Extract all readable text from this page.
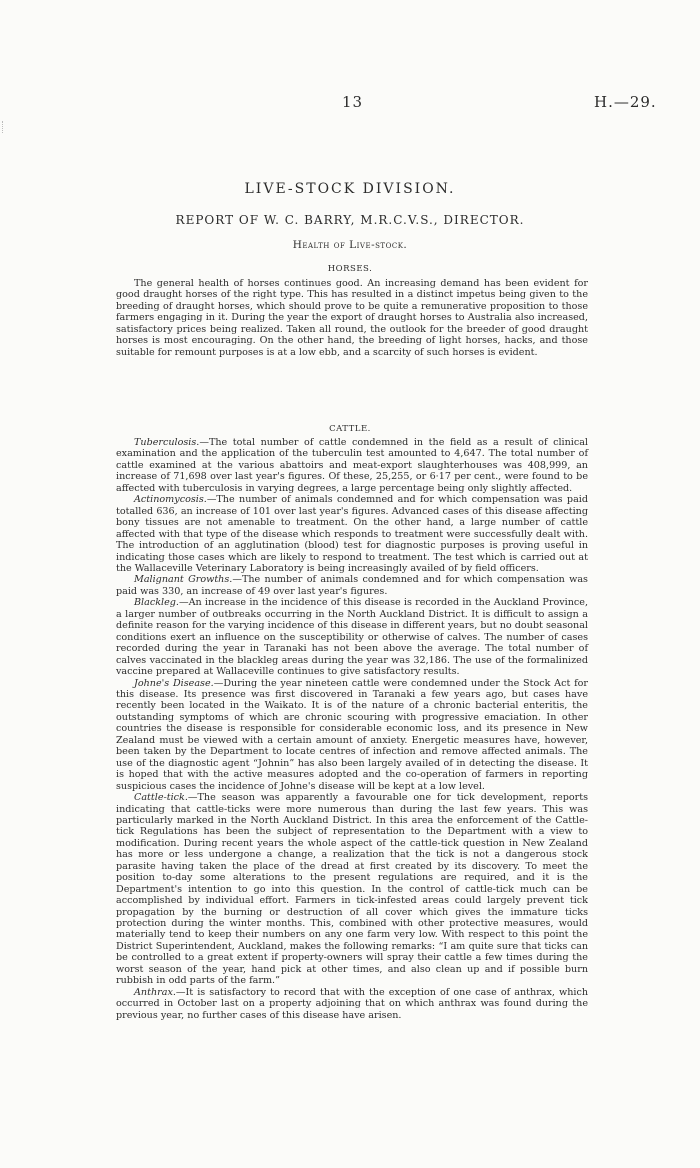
13	H.—29.
LIVE-STOCK DIVISION.
REPORT OF W. C. BARRY, M.R.C.V.S., DIRECTOR.
Health of Live-stock.
HORSES.

The general health of horses continues good. An increasing demand has been evident for good draught horses of the right type. This has resulted in a distinct impetus being given to the breeding of draught horses, which should prove to be quite a remunerative proposition to those farmers engaging in it. During the year the export of draught horses to Australia also increased, satisfactory prices being realized. Taken all round, the outlook for the breeder of good draught horses is most encouraging. On the other hand, the breeding of light horses, hacks, and those suitable for remount purposes is at a low ebb, and a scarcity of such horses is evident.

CATTLE.

Tuberculosis.—The total number of cattle condemned in the field as a result of clinical examination and the application of the tuberculin test amounted to 4,647. The total number of cattle examined at the various abattoirs and meat-export slaughterhouses was 408,999, an increase of 71,698 over last year's figures. Of these, 25,255, or 6·17 per cent., were found to be affected with tuberculosis in varying degrees, a large percentage being only slightly affected.

Actinomycosis.—The number of animals condemned and for which compensation was paid totalled 636, an increase of 101 over last year's figures. Advanced cases of this disease affecting bony tissues are not amenable to treatment. On the other hand, a large number of cattle affected with that type of the disease which responds to treatment were successfully dealt with. The introduction of an agglutination (blood) test for diagnostic purposes is proving useful in indicating those cases which are likely to respond to treatment. The test which is carried out at the Wallaceville Veterinary Laboratory is being increasingly availed of by field officers.

Malignant Growths.—The number of animals condemned and for which compensation was paid was 330, an increase of 49 over last year's figures.

Blackleg.—An increase in the incidence of this disease is recorded in the Auckland Province, a larger number of outbreaks occurring in the North Auckland District. It is difficult to assign a definite reason for the varying incidence of this disease in different years, but no doubt seasonal conditions exert an influence on the susceptibility or otherwise of calves. The number of cases recorded during the year in Taranaki has not been above the average. The total number of calves vaccinated in the blackleg areas during the year was 32,186. The use of the formalinized vaccine prepared at Wallaceville continues to give satisfactory results.

Johne's Disease.—During the year nineteen cattle were condemned under the Stock Act for this disease. Its presence was first discovered in Taranaki a few years ago, but cases have recently been located in the Waikato. It is of the nature of a chronic bacterial enteritis, the outstanding symptoms of which are chronic scouring with progressive emaciation. In other countries the disease is responsible for considerable economic loss, and its presence in New Zealand must be viewed with a certain amount of anxiety. Energetic measures have, however, been taken by the Department to locate centres of infection and remove affected animals. The use of the diagnostic agent “Johnin” has also been largely availed of in detecting the disease. It is hoped that with the active measures adopted and the co-operation of farmers in reporting suspicious cases the incidence of Johne's disease will be kept at a low level.

Cattle-tick.—The season was apparently a favourable one for tick development, reports indicating that cattle-ticks were more numerous than during the last few years. This was particularly marked in the North Auckland District. In this area the enforcement of the Cattle-tick Regulations has been the subject of representation to the Department with a view to modification. During recent years the whole aspect of the cattle-tick question in New Zealand has more or less undergone a change, a realization that the tick is not a dangerous stock parasite having taken the place of the dread at first created by its discovery. To meet the position to-day some alterations to the present regulations are required, and it is the Department's intention to go into this question. In the control of cattle-tick much can be accomplished by individual effort. Farmers in tick-infested areas could largely prevent tick propagation by the burning or destruction of all cover which gives the immature ticks protection during the winter months. This, combined with other protective measures, would materially tend to keep their numbers on any one farm very low. With respect to this point the District Superintendent, Auckland, makes the following remarks: “I am quite sure that ticks can be controlled to a great extent if property-owners will spray their cattle a few times during the worst season of the year, hand pick at other times, and also clean up and if possible burn rubbish in odd parts of the farm.”

Anthrax.—It is satisfactory to record that with the exception of one case of anthrax, which occurred in October last on a property adjoining that on which anthrax was found during the previous year, no further cases of this disease have arisen.
